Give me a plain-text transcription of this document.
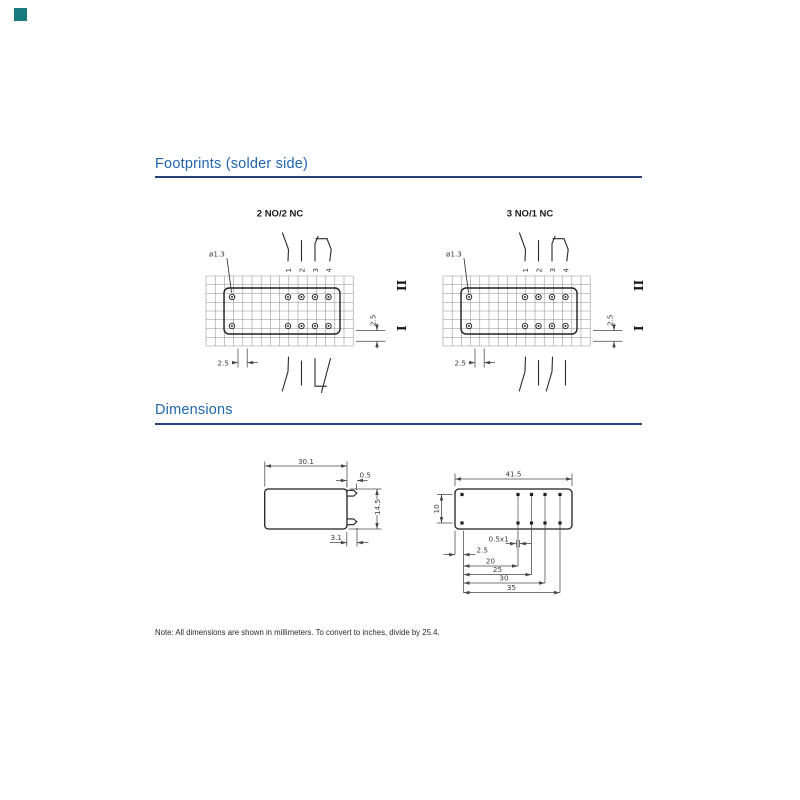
Footprints (solder side)
Dimensions
Note: All dimensions are shown in millimeters. To convert to inches, divide by 25.4.
2 NO/2 NC
ø1.3
2.5
2.5
II
I
1 2 3 4
3 NO/1 NC
ø1.3
2.5
2.5
II
I
1 2 3 4
30.1
0.5
14.5
3.1
41.5
10
0.5x1
2.5
20
25
30
35
